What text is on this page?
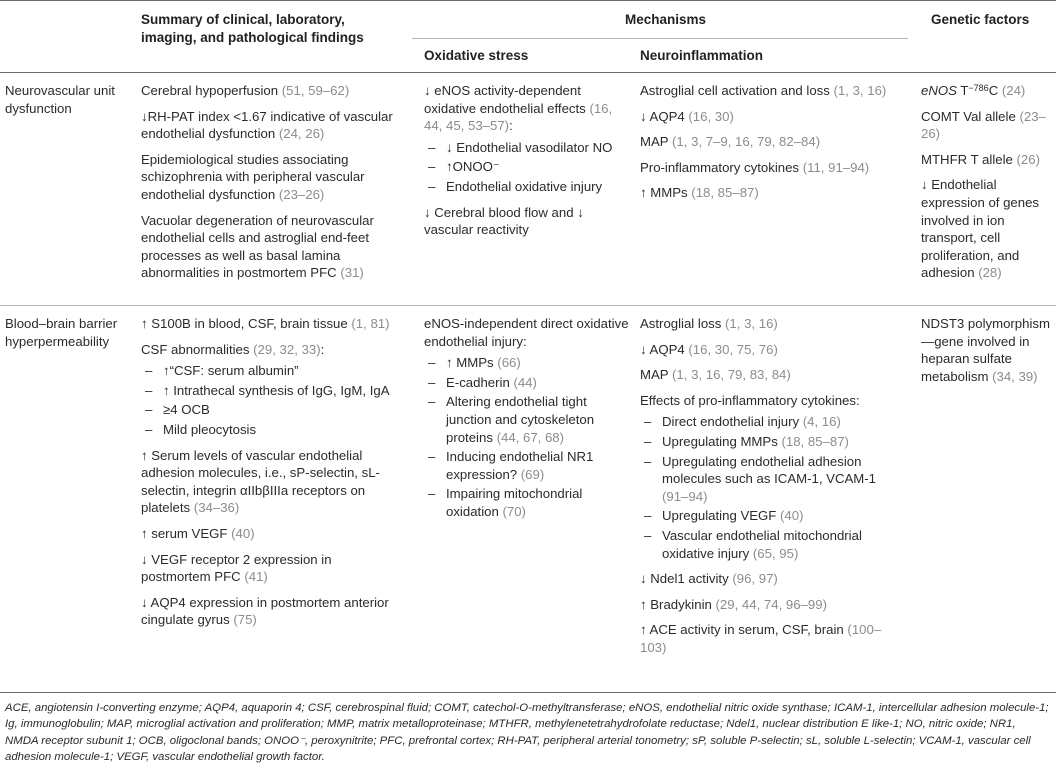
Summary of clinical, laboratory, imaging, and pathological findings
Mechanisms	Genetic factors
Oxidative stress	Neuroinflammation
Neurovascular unit dysfunction
Cerebral hypoperfusion (51, 59–62)
↓RH-PAT index <1.67 indicative of vascular endothelial dysfunction (24, 26)
Epidemiological studies associating schizophrenia with peripheral vascular endothelial dysfunction (23–26)
Vacuolar degeneration of neurovascular endothelial cells and astroglial end-feet processes as well as basal lamina abnormalities in postmortem PFC (31)
↓ eNOS activity-dependent oxidative endothelial effects (16, 44, 45, 53–57):
– ↓ Endothelial vasodilator NO
– ↑ONOO⁻
– Endothelial oxidative injury
↓ Cerebral blood flow and ↓ vascular reactivity
Astroglial cell activation and loss (1, 3, 16)
↓ AQP4 (16, 30)
MAP (1, 3, 7–9, 16, 79, 82–84)
Pro-inflammatory cytokines (11, 91–94)
↑ MMPs (18, 85–87)
eNOS $T^{-786}C$ (24)
COMT Val allele (23–26)
MTHFR T allele (26)
↓ Endothelial expression of genes involved in ion transport, cell proliferation, and adhesion (28)
Blood–brain barrier hyperpermeability
↑ S100B in blood, CSF, brain tissue (1, 81)
CSF abnormalities (29, 32, 33):
– ↑“CSF: serum albumin”
– ↑ Intrathecal synthesis of IgG, IgM, IgA
– ≥4 OCB
– Mild pleocytosis
↑ Serum levels of vascular endothelial adhesion molecules, i.e., sP-selectin, sL-selectin, integrin αIIbβIIIa receptors on platelets (34–36)
↑ serum VEGF (40)
↓ VEGF receptor 2 expression in postmortem PFC (41)
↓ AQP4 expression in postmortem anterior cingulate gyrus (75)
eNOS-independent direct oxidative endothelial injury:
– ↑ MMPs (66)
– E-cadherin (44)
– Altering endothelial tight junction and cytoskeleton proteins (44, 67, 68)
– Inducing endothelial NR1 expression? (69)
– Impairing mitochondrial oxidation (70)
Astroglial loss (1, 3, 16)
↓ AQP4 (16, 30, 75, 76)
MAP (1, 3, 16, 79, 83, 84)
Effects of pro-inflammatory cytokines:
– Direct endothelial injury (4, 16)
– Upregulating MMPs (18, 85–87)
– Upregulating endothelial adhesion molecules such as ICAM-1, VCAM-1 (91–94)
– Upregulating VEGF (40)
– Vascular endothelial mitochondrial oxidative injury (65, 95)
↓ Ndel1 activity (96, 97)
↑ Bradykinin (29, 44, 74, 96–99)
↑ ACE activity in serum, CSF, brain (100–103)
NDST3 polymorphism—gene involved in heparan sulfate metabolism (34, 39)
ACE, angiotensin I-converting enzyme; AQP4, aquaporin 4; CSF, cerebrospinal fluid; COMT, catechol-O-methyltransferase; eNOS, endothelial nitric oxide synthase; ICAM-1, intercellular adhesion molecule-1; Ig, immunoglobulin; MAP, microglial activation and proliferation; MMP, matrix metalloproteinase; MTHFR, methylenetetrahydrofolate reductase; Ndel1, nuclear distribution E like-1; NO, nitric oxide; NR1, NMDA receptor subunit 1; OCB, oligoclonal bands; ONOO⁻, peroxynitrite; PFC, prefrontal cortex; RH-PAT, peripheral arterial tonometry; sP, soluble P-selectin; sL, soluble L-selectin; VCAM-1, vascular cell adhesion molecule-1; VEGF, vascular endothelial growth factor.
